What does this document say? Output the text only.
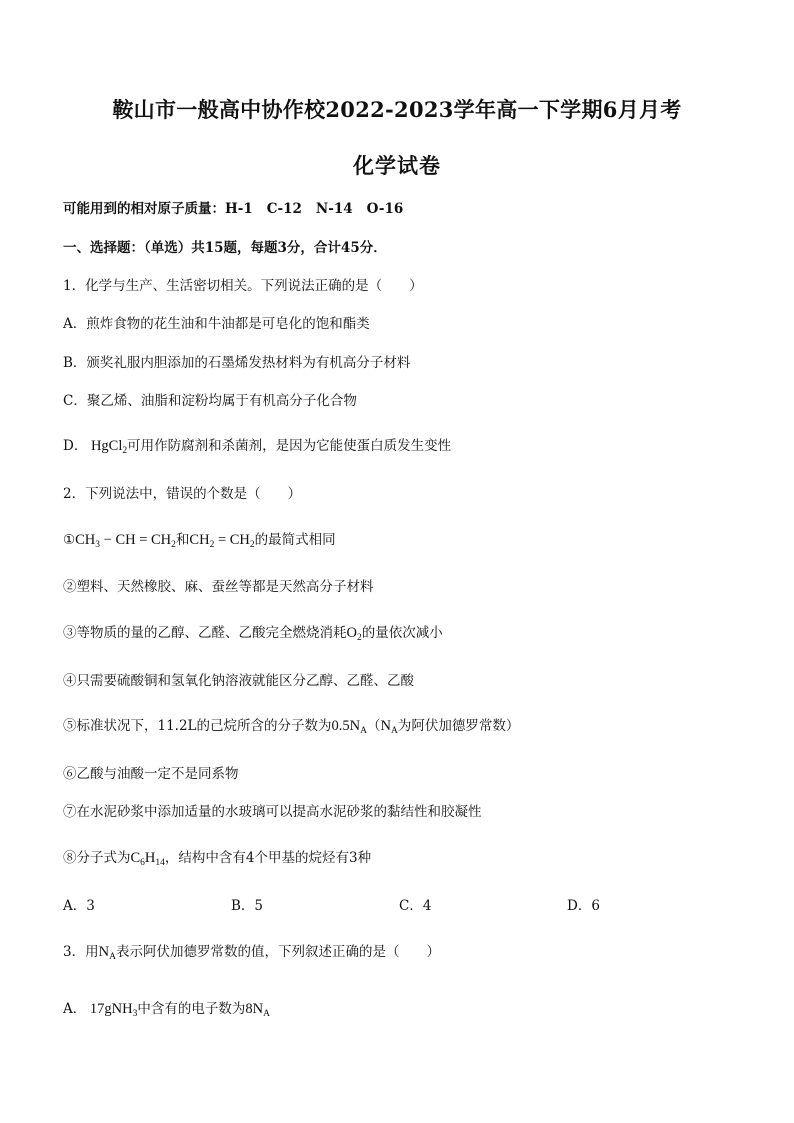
鞍山市一般高中协作校2022-2023学年高一下学期6月月考
化学试卷
可能用到的相对原子质量：H-1 C-12 N-14 O-16
一、选择题：（单选）共15题，每题3分，合计45分．
1．化学与生产、生活密切相关。下列说法正确的是（　　）
A．煎炸食物的花生油和牛油都是可皂化的饱和酯类
B．颁奖礼服内胆添加的石墨烯发热材料为有机高分子材料
C．聚乙烯、油脂和淀粉均属于有机高分子化合物
D． HgCl$_2$可用作防腐剂和杀菌剂，是因为它能使蛋白质发生变性
2．下列说法中，错误的个数是（　　）
$①CH_3$ − CH = $CH_2$和$CH_2 = CH_2$的最简式相同
②塑料、天然橡胶、麻、蚕丝等都是天然高分子材料
③等物质的量的乙醇、乙醛、乙酸完全燃烧消耗$O_2$的量依次减小
④只需要硫酸铜和氢氧化钠溶液就能区分乙醇、乙醛、乙酸
⑤标准状况下，11.2L的己烷所含的分子数为$0.5N_A(N_A$为阿伏加德罗常数）
⑥乙酸与油酸一定不是同系物
⑦在水泥砂浆中添加适量的水玻璃可以提高水泥砂浆的黏结性和胶凝性
⑧分子式为$C_6H_{14}$，结构中含有4个甲基的烷烃有3种
A．3	B．5	C．4	D．6
3．用$N_A$表示阿伏加德罗常数的值，下列叙述正确的是（　　）
A． 17gNH$_3$中含有的电子数为$8N_A$
